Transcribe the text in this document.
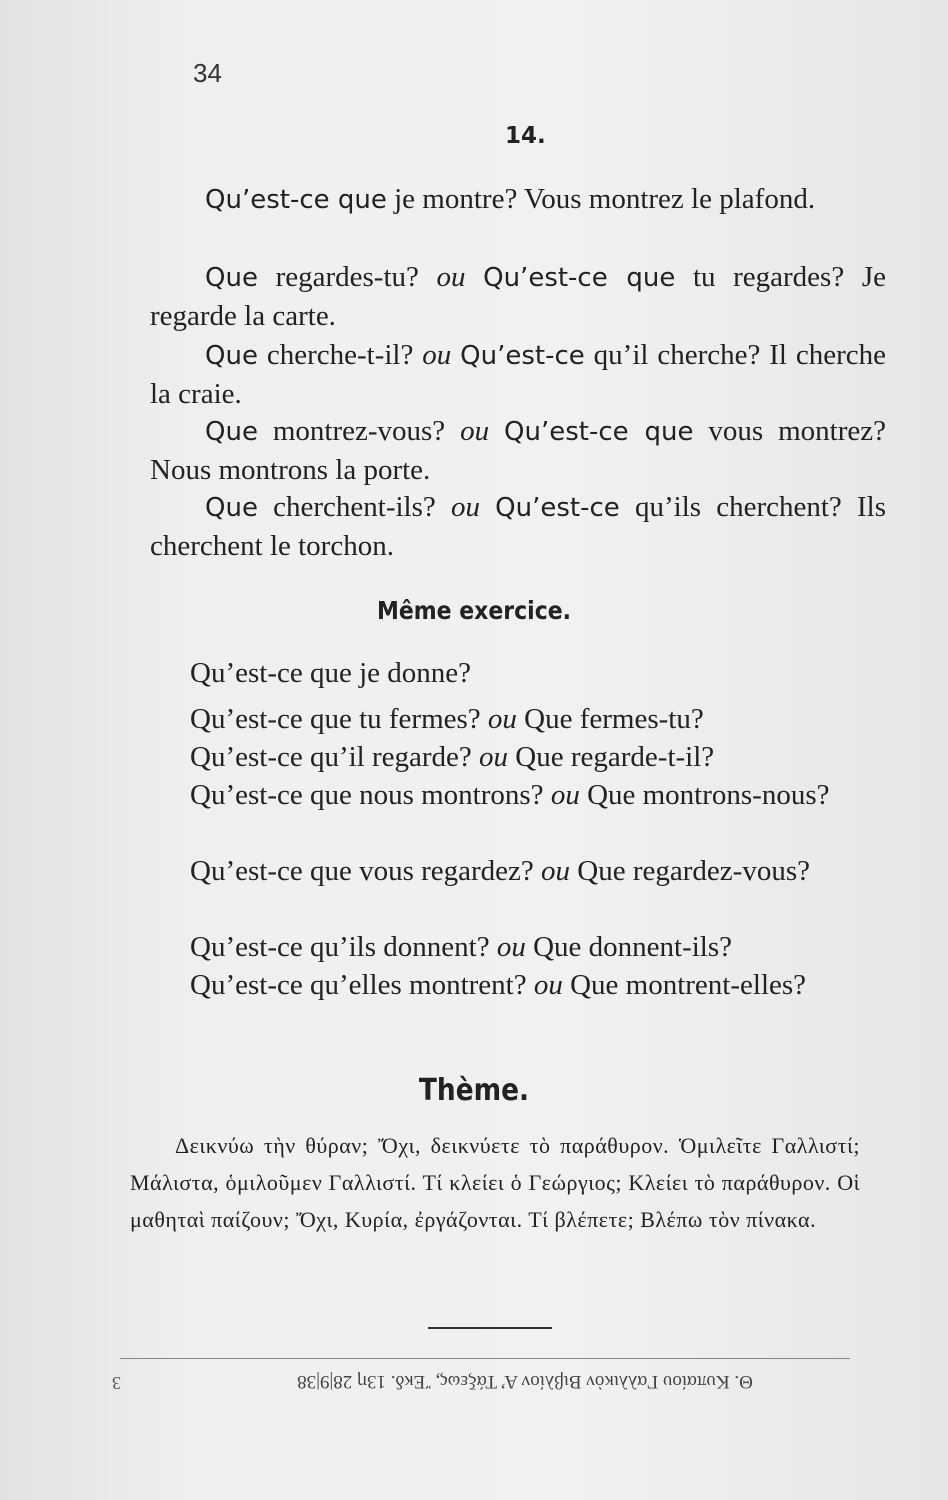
34
14.
Qu’est-ce que je montre? Vous montrez le plafond.
Que regardes-tu? ou Qu’est-ce que tu regardes? Je regarde la carte.
Que cherche-t-il? ou Qu’est-ce qu’il cherche? Il cherche la craie.
Que montrez-vous? ou Qu’est-ce que vous montrez? Nous montrons la porte.
Que cherchent-ils? ou Qu’est-ce qu’ils cherchent? Ils cherchent le torchon.
Même exercice.
Qu’est-ce que je donne?
Qu’est-ce que tu fermes? ou Que fermes-tu?
Qu’est-ce qu’il regarde? ou Que regarde-t-il?
Qu’est-ce que nous montrons? ou Que montrons-nous?
Qu’est-ce que vous regardez? ou Que regardez-vous?
Qu’est-ce qu’ils donnent? ou Que donnent-ils?
Qu’est-ce qu’elles montrent? ou Que montrent-elles?
Thème.
Δεικνύω τὴν θύραν; Ὄχι, δεικνύετε τὸ παράθυρον. Ὁμιλεῖτε Γαλλιστί; Μάλιστα, ὁμιλοῦμεν Γαλλιστί. Τί κλείει ὁ Γεώργιος; Κλείει τὸ παράθυρον. Οἱ μαθηταὶ παίζουν; Ὄχι, Κυρία, ἐργάζονται. Τί βλέπετε; Βλέπω τὸν πίνακα.
Θ. Κυπαίου Γαλλικὸν Βιβλίον Α’ Τάξεως, Ἔκδ. 13η 28|9|38
3
